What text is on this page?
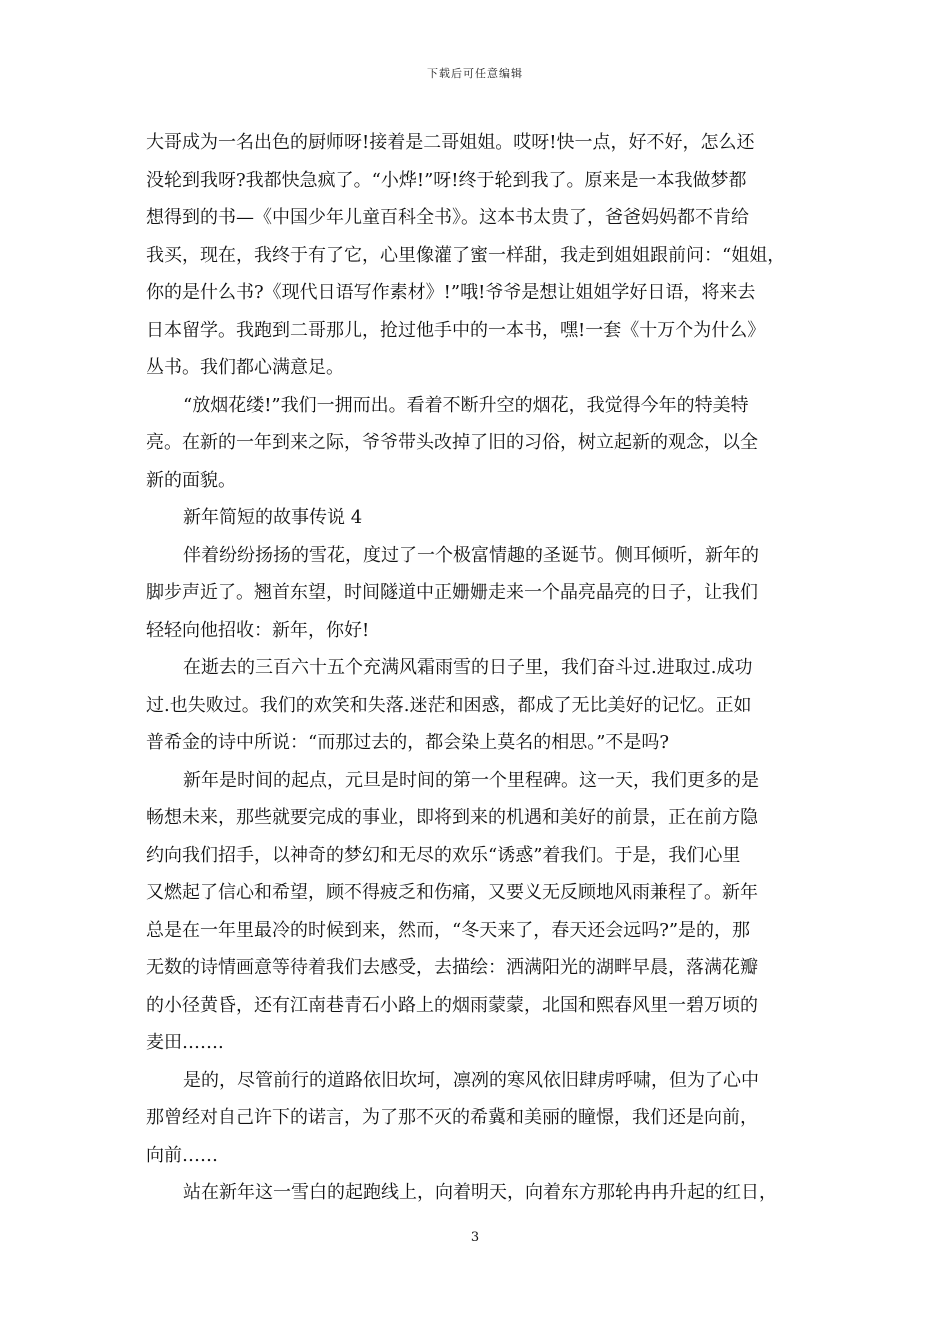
下载后可任意编辑
大哥成为一名出色的厨师呀!接着是二哥姐姐。哎呀!快一点，好不好，怎么还
没轮到我呀?我都快急疯了。“小烨!”呀!终于轮到我了。原来是一本我做梦都
想得到的书—《中国少年儿童百科全书》。这本书太贵了，爸爸妈妈都不肯给
我买，现在，我终于有了它，心里像灌了蜜一样甜，我走到姐姐跟前问：“姐姐，
你的是什么书?《现代日语写作素材》!”哦!爷爷是想让姐姐学好日语，将来去
日本留学。我跑到二哥那儿，抢过他手中的一本书，嘿!一套《十万个为什么》
丛书。我们都心满意足。
“放烟花缕!”我们一拥而出。看着不断升空的烟花，我觉得今年的特美特
亮。在新的一年到来之际，爷爷带头改掉了旧的习俗，树立起新的观念，以全
新的面貌。
新年简短的故事传说 4
伴着纷纷扬扬的雪花，度过了一个极富情趣的圣诞节。侧耳倾听，新年的
脚步声近了。翘首东望，时间隧道中正姗姗走来一个晶亮晶亮的日子，让我们
轻轻向他招收：新年，你好!
在逝去的三百六十五个充满风霜雨雪的日子里，我们奋斗过.进取过.成功
过.也失败过。我们的欢笑和失落.迷茫和困惑，都成了无比美好的记忆。正如
普希金的诗中所说：“而那过去的，都会染上莫名的相思。”不是吗?
新年是时间的起点，元旦是时间的第一个里程碑。这一天，我们更多的是
畅想未来，那些就要完成的事业，即将到来的机遇和美好的前景，正在前方隐
约向我们招手，以神奇的梦幻和无尽的欢乐“诱惑”着我们。于是，我们心里
又燃起了信心和希望，顾不得疲乏和伤痛，又要义无反顾地风雨兼程了。新年
总是在一年里最冷的时候到来，然而，“冬天来了，春天还会远吗?”是的，那
无数的诗情画意等待着我们去感受，去描绘：洒满阳光的湖畔早晨，落满花瓣
的小径黄昏，还有江南巷青石小路上的烟雨蒙蒙，北国和熙春风里一碧万顷的
麦田…….
是的，尽管前行的道路依旧坎坷，凛冽的寒风依旧肆虏呼啸，但为了心中
那曾经对自己许下的诺言，为了那不灭的希冀和美丽的瞳憬，我们还是向前，
向前……
站在新年这一雪白的起跑线上，向着明天，向着东方那轮冉冉升起的红日，
3
